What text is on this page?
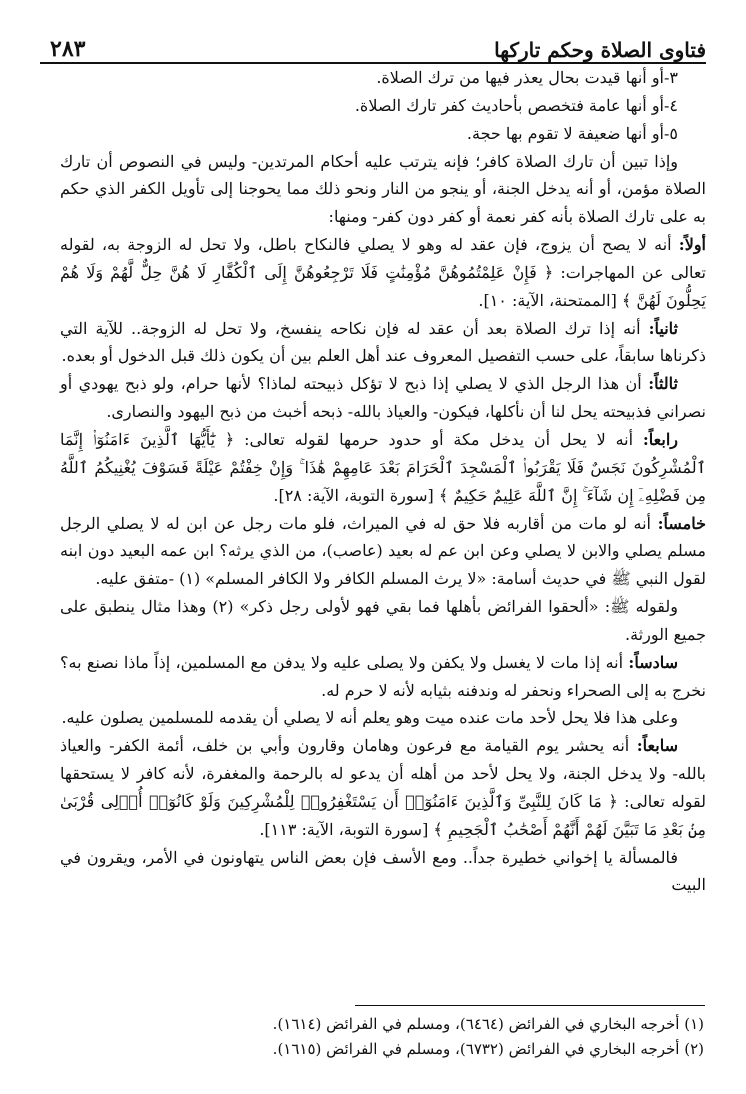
فتاوى الصلاة وحكم تاركها
٢٨٣

٣-أو أنها قيدت بحال يعذر فيها من ترك الصلاة.

٤-أو أنها عامة فتخصص بأحاديث كفر تارك الصلاة.

٥-أو أنها ضعيفة لا تقوم بها حجة.

وإذا تبين أن تارك الصلاة كافر؛ فإنه يترتب عليه أحكام المرتدين- وليس في النصوص أن تارك الصلاة مؤمن، أو أنه يدخل الجنة، أو ينجو من النار ونحو ذلك مما يحوجنا إلى تأويل الكفر الذي حكم به على تارك الصلاة بأنه كفر نعمة أو كفر دون كفر- ومنها:

أولاً: أنه لا يصح أن يزوج، فإن عقد له وهو لا يصلي فالنكاح باطل، ولا تحل له الزوجة به، لقوله تعالى عن المهاجرات: ﴿ فَإِنْ عَلِمْتُمُوهُنَّ مُؤْمِنَٰتٍ فَلَا تَرْجِعُوهُنَّ إِلَى ٱلْكُفَّارِ لَا هُنَّ حِلٌّ لَّهُمْ وَلَا هُمْ يَحِلُّونَ لَهُنَّ ﴾ [الممتحنة، الآية: ١٠].

ثانياً: أنه إذا ترك الصلاة بعد أن عقد له فإن نكاحه ينفسخ، ولا تحل له الزوجة.. للآية التي ذكرناها سابقاً، على حسب التفصيل المعروف عند أهل العلم بين أن يكون ذلك قبل الدخول أو بعده.

ثالثاً: أن هذا الرجل الذي لا يصلي إذا ذبح لا تؤكل ذبيحته لماذا؟ لأنها حرام، ولو ذبح يهودي أو نصراني فذبيحته يحل لنا أن نأكلها، فيكون- والعياذ بالله- ذبحه أخبث من ذبح اليهود والنصارى.

رابعاً: أنه لا يحل أن يدخل مكة أو حدود حرمها لقوله تعالى: ﴿ يَٰٓأَيُّهَا ٱلَّذِينَ ءَامَنُوٓا۟ إِنَّمَا ٱلْمُشْرِكُونَ نَجَسٌ فَلَا يَقْرَبُوا۟ ٱلْمَسْجِدَ ٱلْحَرَامَ بَعْدَ عَامِهِمْ هَٰذَا ۚ وَإِنْ خِفْتُمْ عَيْلَةً فَسَوْفَ يُغْنِيكُمُ ٱللَّهُ مِن فَضْلِهِۦٓ إِن شَآءَ ۚ إِنَّ ٱللَّهَ عَلِيمٌ حَكِيمٌ ﴾ [سورة التوبة، الآية: ٢٨].

خامساً: أنه لو مات من أقاربه فلا حق له في الميراث، فلو مات رجل عن ابن له لا يصلي الرجل مسلم يصلي والابن لا يصلي وعن ابن عم له بعيد (عاصب)، من الذي يرثه؟ ابن عمه البعيد دون ابنه لقول النبي ﷺ في حديث أسامة: «لا يرث المسلم الكافر ولا الكافر المسلم» (١) -متفق عليه.

ولقوله ﷺ: «ألحقوا الفرائض بأهلها فما بقي فهو لأولى رجل ذكر» (٢) وهذا مثال ينطبق على جميع الورثة.

سادساً: أنه إذا مات لا يغسل ولا يكفن ولا يصلى عليه ولا يدفن مع المسلمين، إذاً ماذا نصنع به؟ نخرج به إلى الصحراء ونحفر له وندفنه بثيابه لأنه لا حرم له.

وعلى هذا فلا يحل لأحد مات عنده ميت وهو يعلم أنه لا يصلي أن يقدمه للمسلمين يصلون عليه.

سابعاً: أنه يحشر يوم القيامة مع فرعون وهامان وقارون وأبي بن خلف، أئمة الكفر- والعياذ بالله- ولا يدخل الجنة، ولا يحل لأحد من أهله أن يدعو له بالرحمة والمغفرة، لأنه كافر لا يستحقها لقوله تعالى: ﴿ مَا كَانَ لِلنَّبِىِّ وَٱلَّذِينَ ءَامَنُوٓا۟ أَن يَسْتَغْفِرُوا۟ لِلْمُشْرِكِينَ وَلَوْ كَانُوٓا۟ أُو۟لِى قُرْبَىٰ مِنۢ بَعْدِ مَا تَبَيَّنَ لَهُمْ أَنَّهُمْ أَصْحَٰبُ ٱلْجَحِيمِ ﴾ [سورة التوبة، الآية: ١١٣].

فالمسألة يا إخواني خطيرة جداً.. ومع الأسف فإن بعض الناس يتهاونون في الأمر، ويقرون في البيت

(١) أخرجه البخاري في الفرائض (٦٤٦٤)، ومسلم في الفرائض (١٦١٤).

(٢) أخرجه البخاري في الفرائض (٦٧٣٢)، ومسلم في الفرائض (١٦١٥).
